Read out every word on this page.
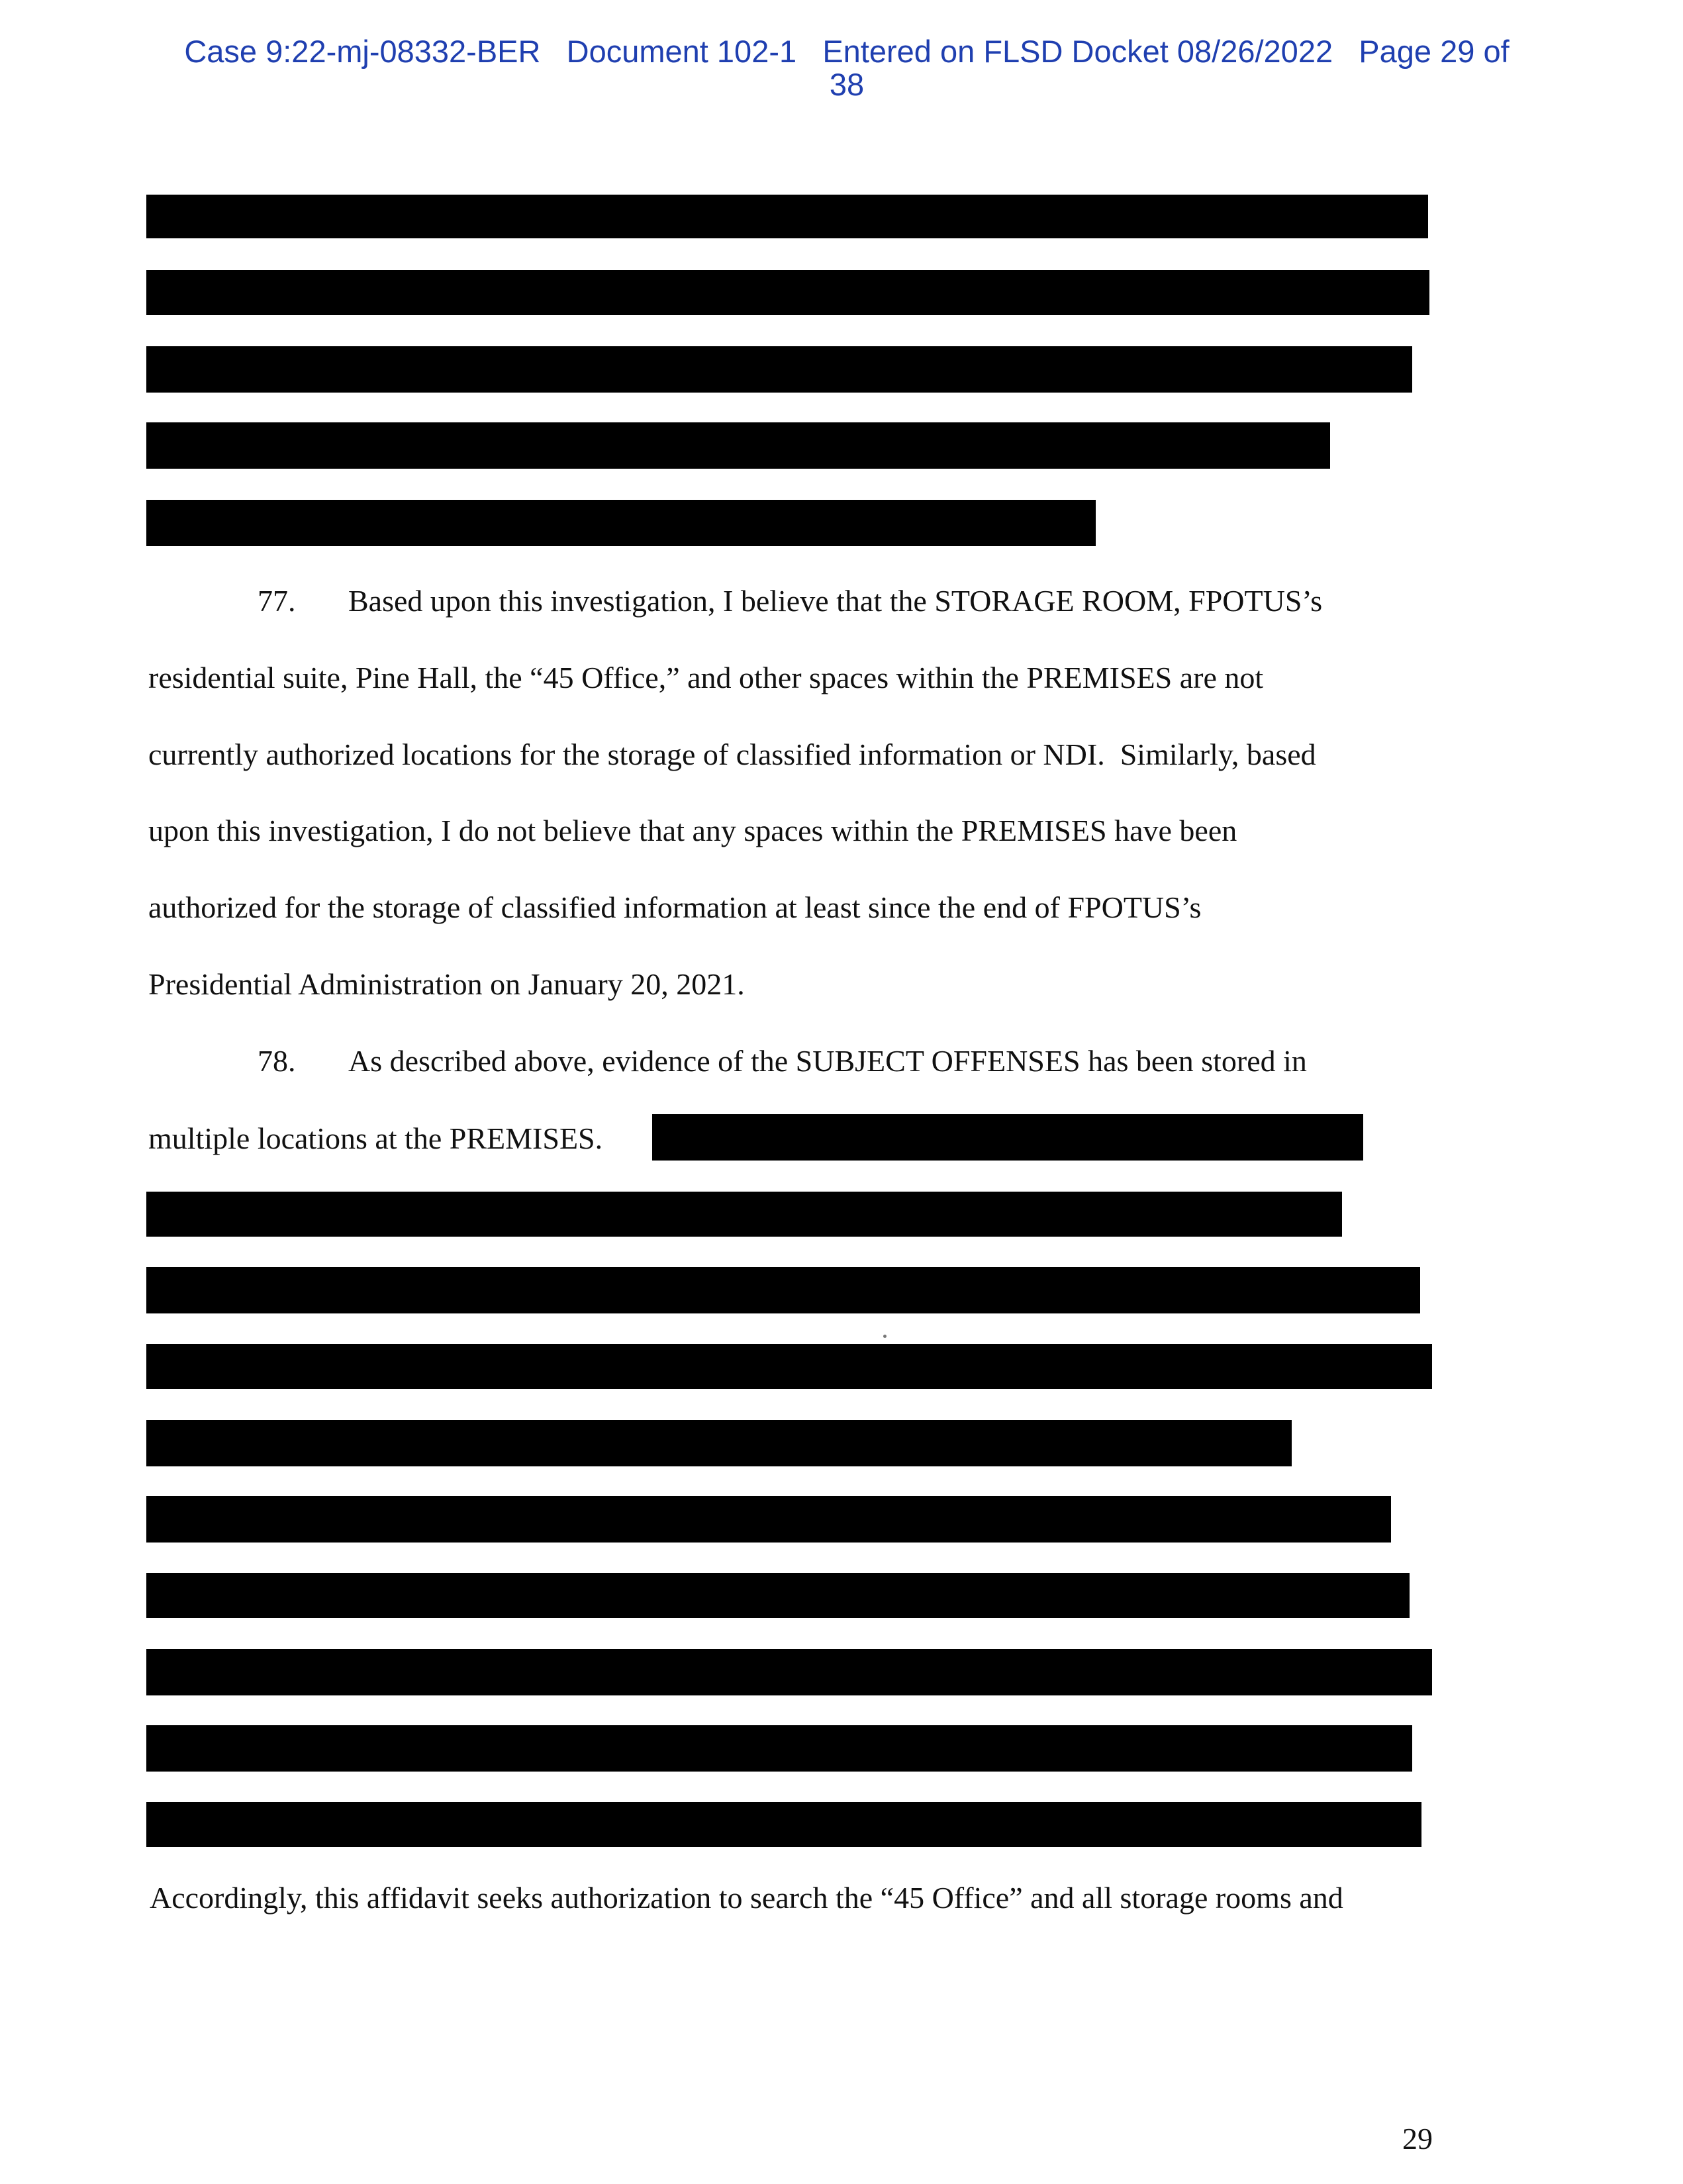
Case 9:22-mj-08332-BER Document 102-1 Entered on FLSD Docket 08/26/2022 Page 29 of
38
77. Based upon this investigation, I believe that the STORAGE ROOM, FPOTUS’s
residential suite, Pine Hall, the “45 Office,” and other spaces within the PREMISES are not
currently authorized locations for the storage of classified information or NDI.  Similarly, based
upon this investigation, I do not believe that any spaces within the PREMISES have been
authorized for the storage of classified information at least since the end of FPOTUS’s
Presidential Administration on January 20, 2021.
78. As described above, evidence of the SUBJECT OFFENSES has been stored in
multiple locations at the PREMISES.
Accordingly, this affidavit seeks authorization to search the “45 Office” and all storage rooms and
29
